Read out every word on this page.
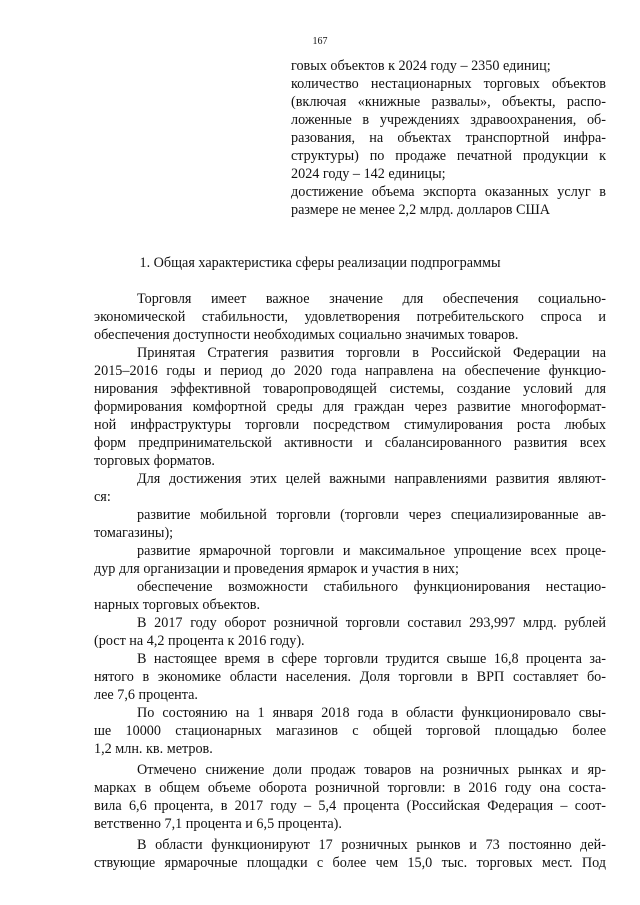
167
говых объектов к 2024 году – 2350 единиц;
количество нестационарных торговых объектов
(включая «книжные развалы», объекты, распо-
ложенные в учреждениях здравоохранения, об-
разования, на объектах транспортной инфра-
структуры) по продаже печатной продукции к
2024 году – 142 единицы;
достижение объема экспорта оказанных услуг в
размере не менее 2,2 млрд. долларов США
1. Общая характеристика сферы реализации подпрограммы
Торговля имеет важное значение для обеспечения социально-
экономической стабильности, удовлетворения потребительского спроса и
обеспечения доступности необходимых социально значимых товаров.
Принятая Стратегия развития торговли в Российской Федерации на
2015–2016 годы и период до 2020 года направлена на обеспечение функцио-
нирования эффективной товаропроводящей системы, создание условий для
формирования комфортной среды для граждан через развитие многоформат-
ной инфраструктуры торговли посредством стимулирования роста любых
форм предпринимательской активности и сбалансированного развития всех
торговых форматов.
Для достижения этих целей важными направлениями развития являют-
ся:
развитие мобильной торговли (торговли через специализированные ав-
томагазины);
развитие ярмарочной торговли и максимальное упрощение всех проце-
дур для организации и проведения ярмарок и участия в них;
обеспечение возможности стабильного функционирования нестацио-
нарных торговых объектов.
В 2017 году оборот розничной торговли составил 293,997 млрд. рублей
(рост на 4,2 процента к 2016 году).
В настоящее время в сфере торговли трудится свыше 16,8 процента за-
нятого в экономике области населения. Доля торговли в ВРП составляет бо-
лее 7,6 процента.
По состоянию на 1 января 2018 года в области функционировало свы-
ше 10000 стационарных магазинов с общей торговой площадью более
1,2 млн. кв. метров.
Отмечено снижение доли продаж товаров на розничных рынках и яр-
марках в общем объеме оборота розничной торговли: в 2016 году она соста-
вила 6,6 процента, в 2017 году – 5,4 процента (Российская Федерация – соот-
ветственно 7,1 процента и 6,5 процента).
В области функционируют 17 розничных рынков и 73 постоянно дей-
ствующие ярмарочные площадки с более чем 15,0 тыс. торговых мест. Под
